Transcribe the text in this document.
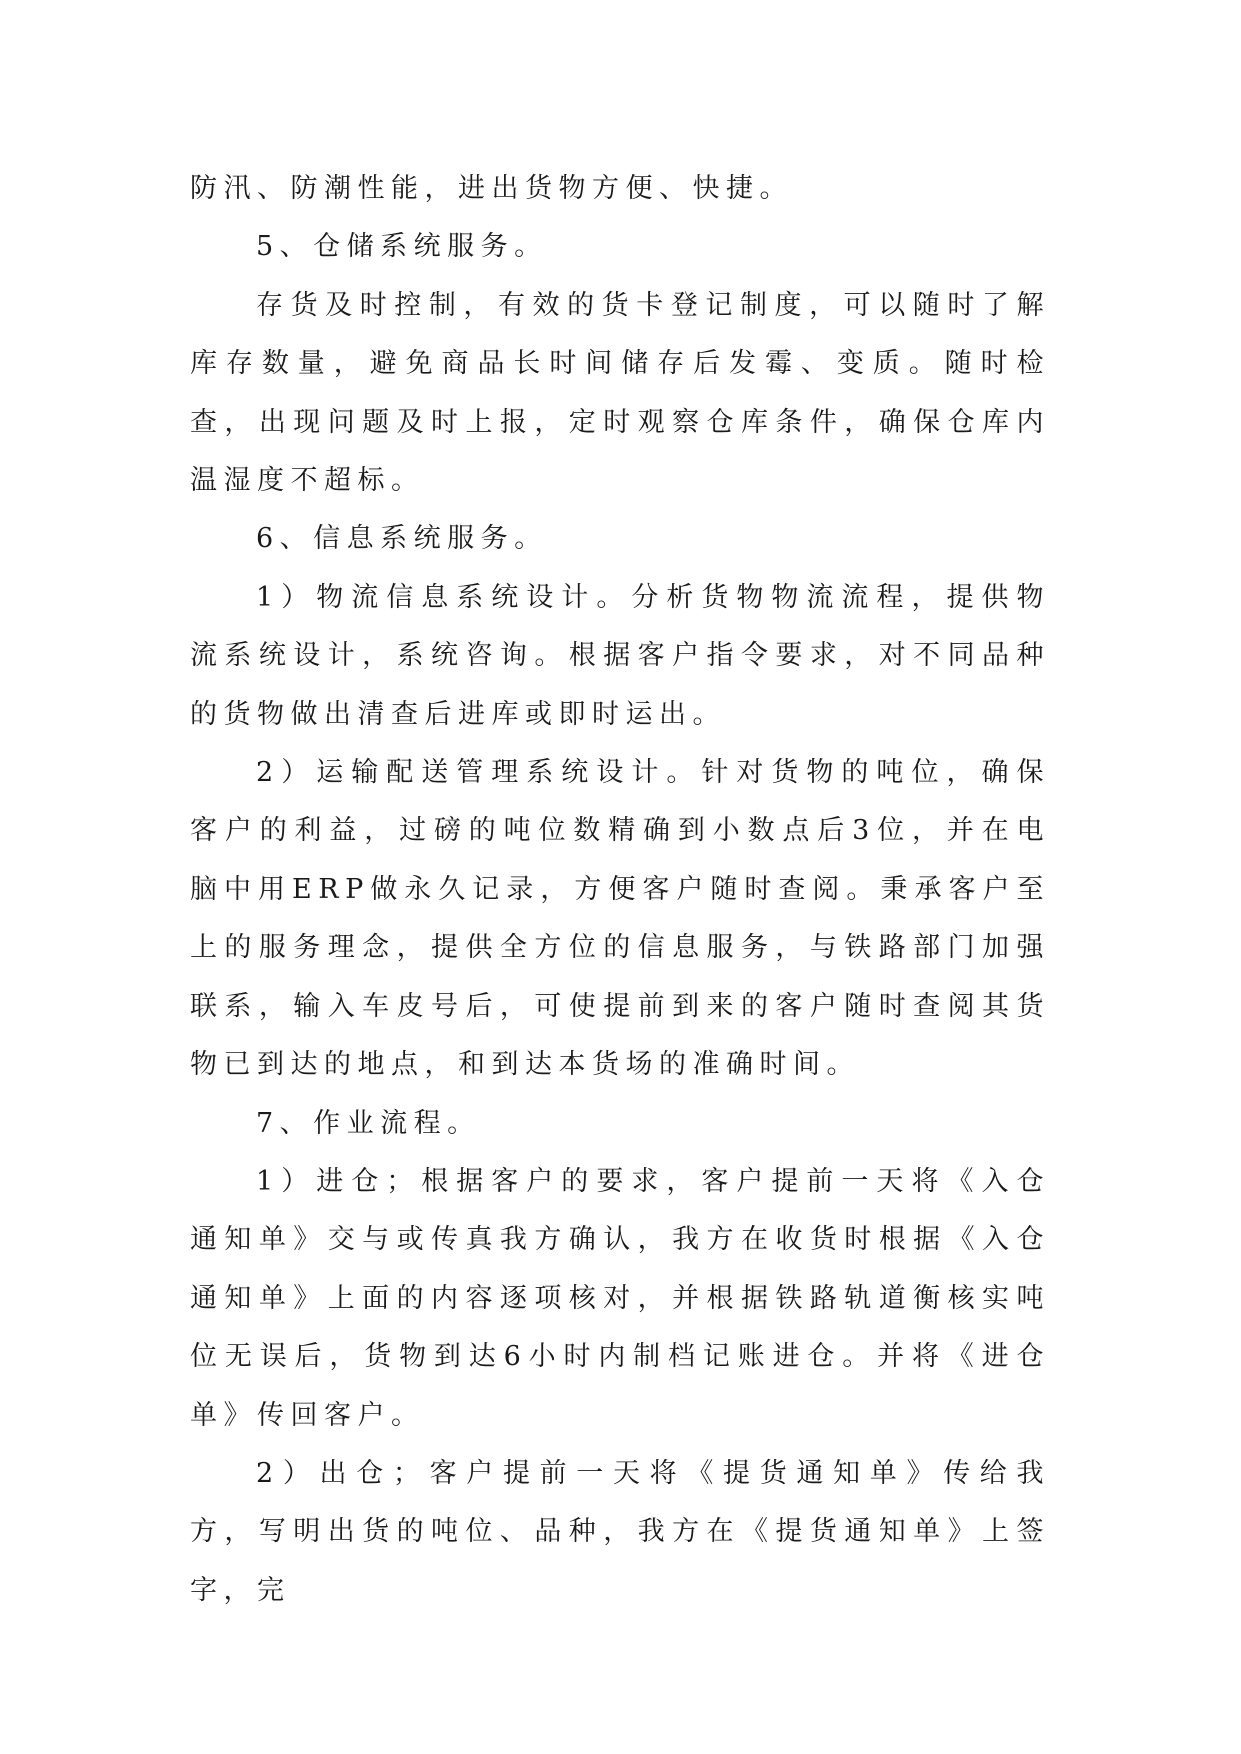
防汛、防潮性能，进出货物方便、快捷。

5、仓储系统服务。

存货及时控制，有效的货卡登记制度，可以随时了解库存数量，避免商品长时间储存后发霉、变质。随时检查，出现问题及时上报，定时观察仓库条件，确保仓库内温湿度不超标。

6、信息系统服务。

1）物流信息系统设计。分析货物物流流程，提供物流系统设计，系统咨询。根据客户指令要求，对不同品种的货物做出清查后进库或即时运出。

2）运输配送管理系统设计。针对货物的吨位，确保客户的利益，过磅的吨位数精确到小数点后3位，并在电脑中用ERP做永久记录，方便客户随时查阅。秉承客户至上的服务理念，提供全方位的信息服务，与铁路部门加强联系，输入车皮号后，可使提前到来的客户随时查阅其货物已到达的地点，和到达本货场的准确时间。

7、作业流程。

1）进仓；根据客户的要求，客户提前一天将《入仓通知单》交与或传真我方确认，我方在收货时根据《入仓通知单》上面的内容逐项核对，并根据铁路轨道衡核实吨位无误后，货物到达6小时内制档记账进仓。并将《进仓单》传回客户。

2）出仓；客户提前一天将《提货通知单》传给我方，写明出货的吨位、品种，我方在《提货通知单》上签字，完
